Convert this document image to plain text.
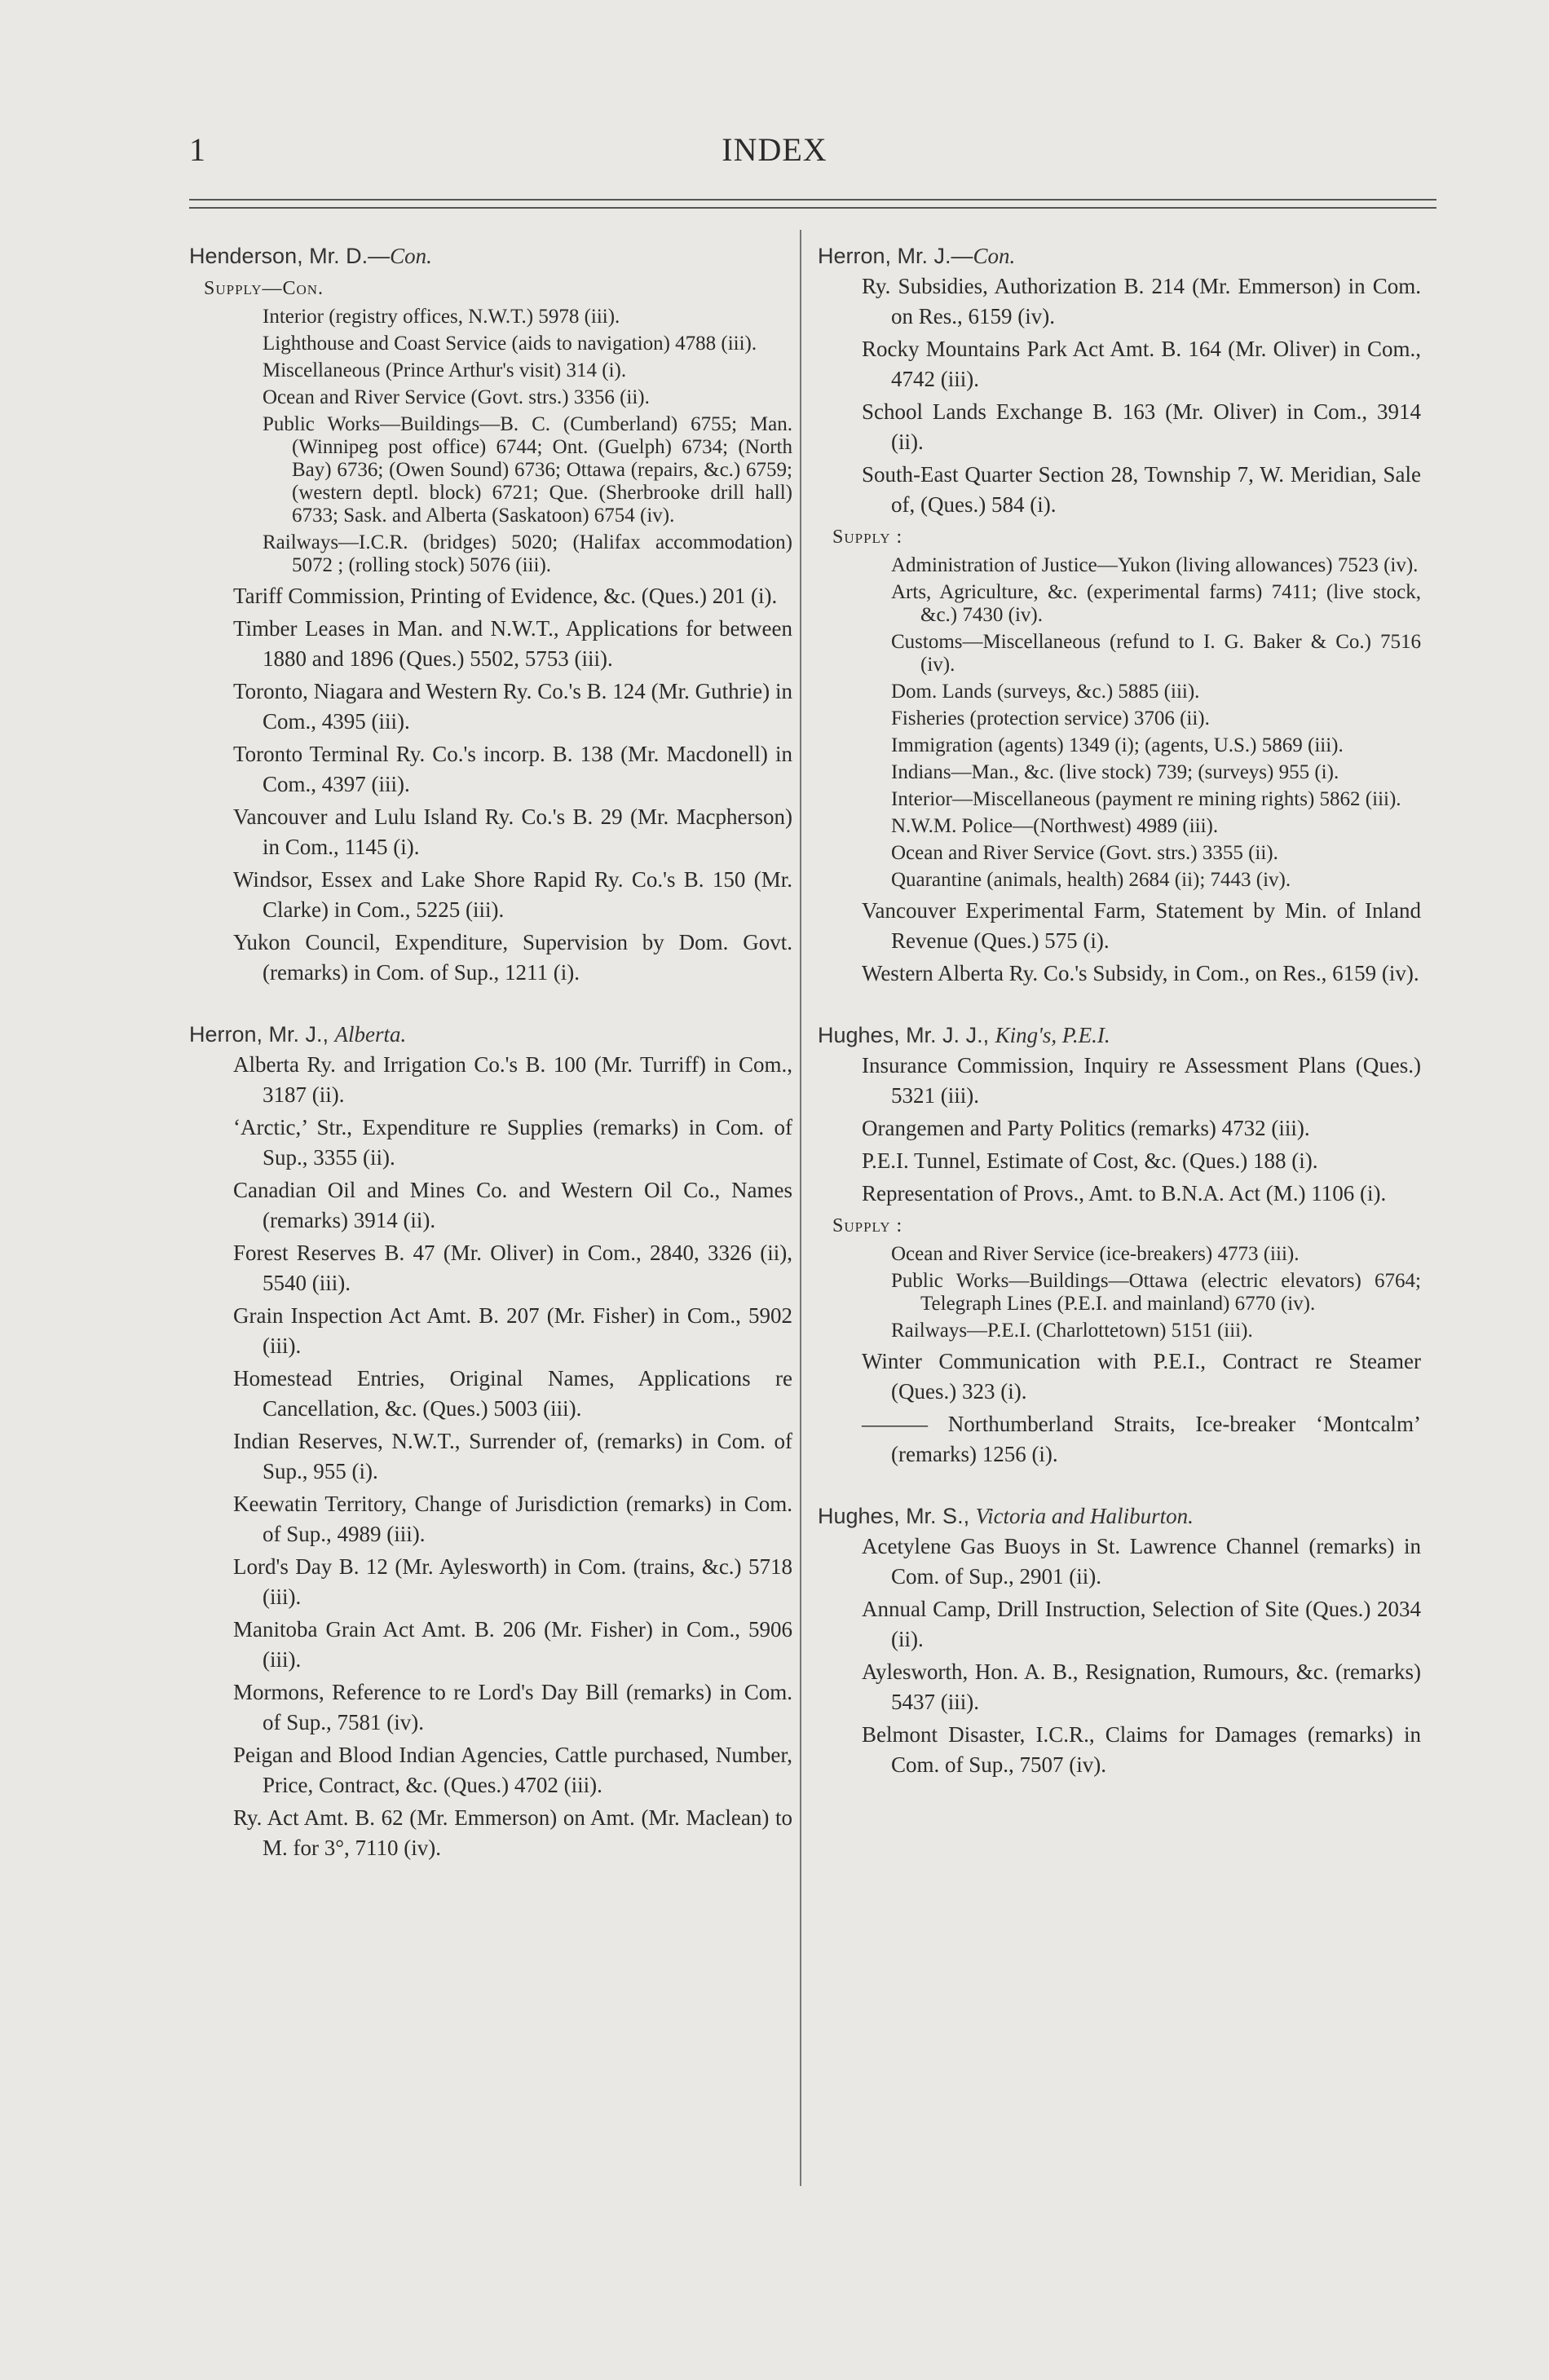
1	INDEX

Henderson, Mr. D.—Con.

Supply—Con.

Interior (registry offices, N.W.T.) 5978 (iii).

Lighthouse and Coast Service (aids to navigation) 4788 (iii).

Miscellaneous (Prince Arthur's visit) 314 (i).

Ocean and River Service (Govt. strs.) 3356 (ii).

Public Works—Buildings—B. C. (Cumberland) 6755; Man. (Winnipeg post office) 6744; Ont. (Guelph) 6734; (North Bay) 6736; (Owen Sound) 6736; Ottawa (repairs, &c.) 6759; (western deptl. block) 6721; Que. (Sherbrooke drill hall) 6733; Sask. and Alberta (Saskatoon) 6754 (iv).

Railways—I.C.R. (bridges) 5020; (Halifax accommodation) 5072 ; (rolling stock) 5076 (iii).

Tariff Commission, Printing of Evidence, &c. (Ques.) 201 (i).

Timber Leases in Man. and N.W.T., Applications for between 1880 and 1896 (Ques.) 5502, 5753 (iii).

Toronto, Niagara and Western Ry. Co.'s B. 124 (Mr. Guthrie) in Com., 4395 (iii).

Toronto Terminal Ry. Co.'s incorp. B. 138 (Mr. Macdonell) in Com., 4397 (iii).

Vancouver and Lulu Island Ry. Co.'s B. 29 (Mr. Macpherson) in Com., 1145 (i).

Windsor, Essex and Lake Shore Rapid Ry. Co.'s B. 150 (Mr. Clarke) in Com., 5225 (iii).

Yukon Council, Expenditure, Supervision by Dom. Govt. (remarks) in Com. of Sup., 1211 (i).

Herron, Mr. J., Alberta.

Alberta Ry. and Irrigation Co.'s B. 100 (Mr. Turriff) in Com., 3187 (ii).

‘Arctic,’ Str., Expenditure re Supplies (remarks) in Com. of Sup., 3355 (ii).

Canadian Oil and Mines Co. and Western Oil Co., Names (remarks) 3914 (ii).

Forest Reserves B. 47 (Mr. Oliver) in Com., 2840, 3326 (ii), 5540 (iii).

Grain Inspection Act Amt. B. 207 (Mr. Fisher) in Com., 5902 (iii).

Homestead Entries, Original Names, Applications re Cancellation, &c. (Ques.) 5003 (iii).

Indian Reserves, N.W.T., Surrender of, (remarks) in Com. of Sup., 955 (i).

Keewatin Territory, Change of Jurisdiction (remarks) in Com. of Sup., 4989 (iii).

Lord's Day B. 12 (Mr. Aylesworth) in Com. (trains, &c.) 5718 (iii).

Manitoba Grain Act Amt. B. 206 (Mr. Fisher) in Com., 5906 (iii).

Mormons, Reference to re Lord's Day Bill (remarks) in Com. of Sup., 7581 (iv).

Peigan and Blood Indian Agencies, Cattle purchased, Number, Price, Contract, &c. (Ques.) 4702 (iii).

Ry. Act Amt. B. 62 (Mr. Emmerson) on Amt. (Mr. Maclean) to M. for 3°, 7110 (iv).

Herron, Mr. J.—Con.

Ry. Subsidies, Authorization B. 214 (Mr. Emmerson) in Com. on Res., 6159 (iv).

Rocky Mountains Park Act Amt. B. 164 (Mr. Oliver) in Com., 4742 (iii).

School Lands Exchange B. 163 (Mr. Oliver) in Com., 3914 (ii).

South-East Quarter Section 28, Township 7, W. Meridian, Sale of, (Ques.) 584 (i).

Supply :

Administration of Justice—Yukon (living allowances) 7523 (iv).

Arts, Agriculture, &c. (experimental farms) 7411; (live stock, &c.) 7430 (iv).

Customs—Miscellaneous (refund to I. G. Baker & Co.) 7516 (iv).

Dom. Lands (surveys, &c.) 5885 (iii).

Fisheries (protection service) 3706 (ii).

Immigration (agents) 1349 (i); (agents, U.S.) 5869 (iii).

Indians—Man., &c. (live stock) 739; (surveys) 955 (i).

Interior—Miscellaneous (payment re mining rights) 5862 (iii).

N.W.M. Police—(Northwest) 4989 (iii).

Ocean and River Service (Govt. strs.) 3355 (ii).

Quarantine (animals, health) 2684 (ii); 7443 (iv).

Vancouver Experimental Farm, Statement by Min. of Inland Revenue (Ques.) 575 (i).

Western Alberta Ry. Co.'s Subsidy, in Com., on Res., 6159 (iv).

Hughes, Mr. J. J., King's, P.E.I.

Insurance Commission, Inquiry re Assessment Plans (Ques.) 5321 (iii).

Orangemen and Party Politics (remarks) 4732 (iii).

P.E.I. Tunnel, Estimate of Cost, &c. (Ques.) 188 (i).

Representation of Provs., Amt. to B.N.A. Act (M.) 1106 (i).

Supply :

Ocean and River Service (ice-breakers) 4773 (iii).

Public Works—Buildings—Ottawa (electric elevators) 6764; Telegraph Lines (P.E.I. and mainland) 6770 (iv).

Railways—P.E.I. (Charlottetown) 5151 (iii).

Winter Communication with P.E.I., Contract re Steamer (Ques.) 323 (i).

——— Northumberland Straits, Ice-breaker ‘Montcalm’ (remarks) 1256 (i).

Hughes, Mr. S., Victoria and Haliburton.

Acetylene Gas Buoys in St. Lawrence Channel (remarks) in Com. of Sup., 2901 (ii).

Annual Camp, Drill Instruction, Selection of Site (Ques.) 2034 (ii).

Aylesworth, Hon. A. B., Resignation, Rumours, &c. (remarks) 5437 (iii).

Belmont Disaster, I.C.R., Claims for Damages (remarks) in Com. of Sup., 7507 (iv).
